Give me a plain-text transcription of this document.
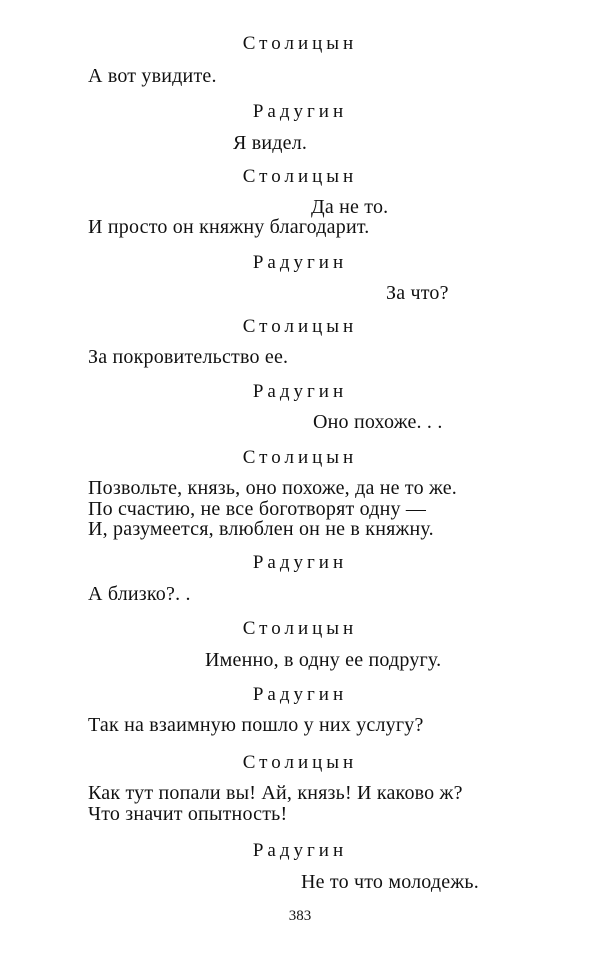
Столицын
А вот увидите.
Радугин
Я видел.
Столицын
Да не то.
И просто он княжну благодарит.
Радугин
За что?
Столицын
За покровительство ее.
Радугин
Оно похоже. . .
Столицын
Позвольте, князь, оно похоже, да не то же.
По счастию, не все боготворят одну —
И, разумеется, влюблен он не в княжну.
Радугин
А близко?. .
Столицын
Именно, в одну ее подругу.
Радугин
Так на взаимную пошло у них услугу?
Столицын
Как тут попали вы! Ай, князь! И каково ж?
Что значит опытность!
Радугин
Не то что молодежь.
383
